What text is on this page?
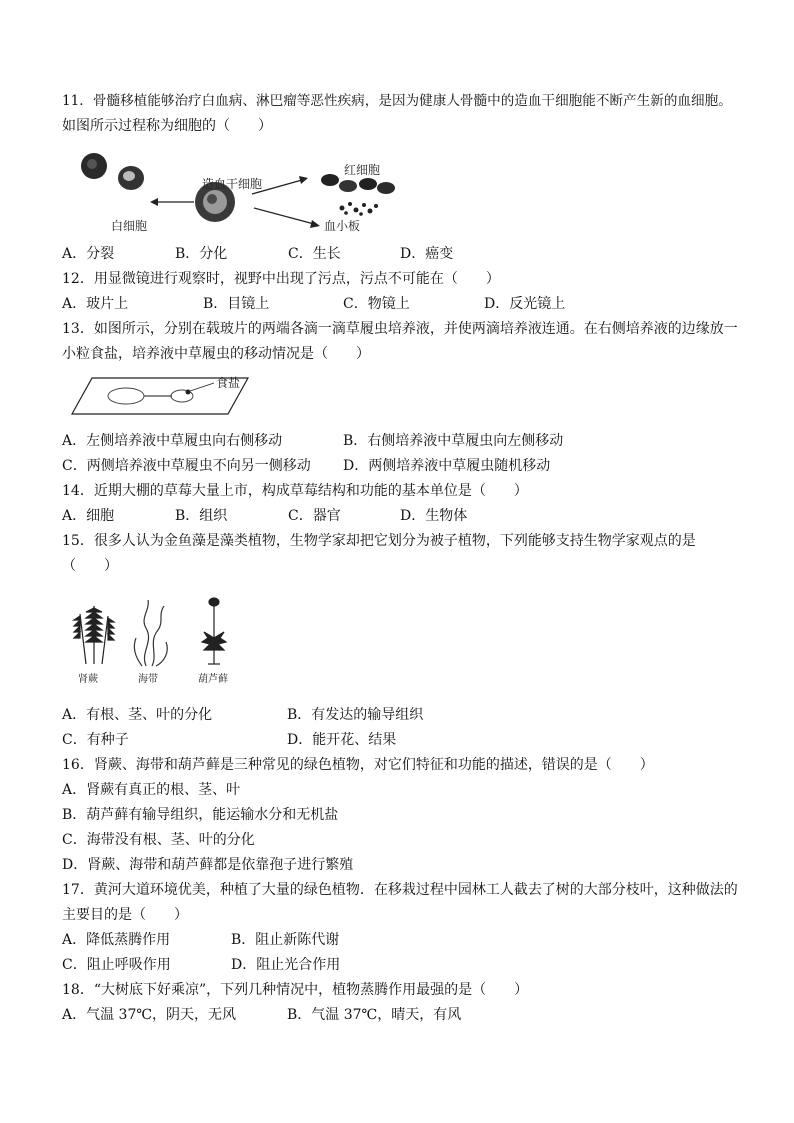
11．骨髓移植能够治疗白血病、淋巴瘤等恶性疾病，是因为健康人骨髓中的造血干细胞能不断产生新的血细胞。
如图所示过程称为细胞的（　　）
白细胞
造血干细胞
红细胞
血小板
A．分裂	B．分化	C．生长	D．癌变
12．用显微镜进行观察时，视野中出现了污点，污点不可能在（　　）
A．玻片上	B．目镜上	C．物镜上	D．反光镜上
13．如图所示，分别在载玻片的两端各滴一滴草履虫培养液，并使两滴培养液连通。在右侧培养液的边缘放一
小粒食盐，培养液中草履虫的移动情况是（　　）
食盐
A．左侧培养液中草履虫向右侧移动	B．右侧培养液中草履虫向左侧移动
C．两侧培养液中草履虫不向另一侧移动 D．两侧培养液中草履虫随机移动
14．近期大棚的草莓大量上市，构成草莓结构和功能的基本单位是（　　）
A．细胞	B．组织	C．器官	D．生物体
15．很多人认为金鱼藻是藻类植物，生物学家却把它划分为被子植物，下列能够支持生物学家观点的是
（　　）
肾蕨	海带	葫芦藓
A．有根、茎、叶的分化	B．有发达的输导组织
C．有种子	D．能开花、结果
16．肾蕨、海带和葫芦藓是三种常见的绿色植物，对它们特征和功能的描述，错误的是（　　）
A．肾蕨有真正的根、茎、叶
B．葫芦藓有输导组织，能运输水分和无机盐
C．海带没有根、茎、叶的分化
D．肾蕨、海带和葫芦藓都是依靠孢子进行繁殖
17．黄河大道环境优美，种植了大量的绿色植物．在移栽过程中园林工人截去了树的大部分枝叶，这种做法的
主要目的是（　　）
A．降低蒸腾作用	B．阻止新陈代谢
C．阻止呼吸作用	D．阻止光合作用
18．“大树底下好乘凉”，下列几种情况中，植物蒸腾作用最强的是（　　）
A．气温 37℃，阴天，无风	B．气温 37℃，晴天，有风
